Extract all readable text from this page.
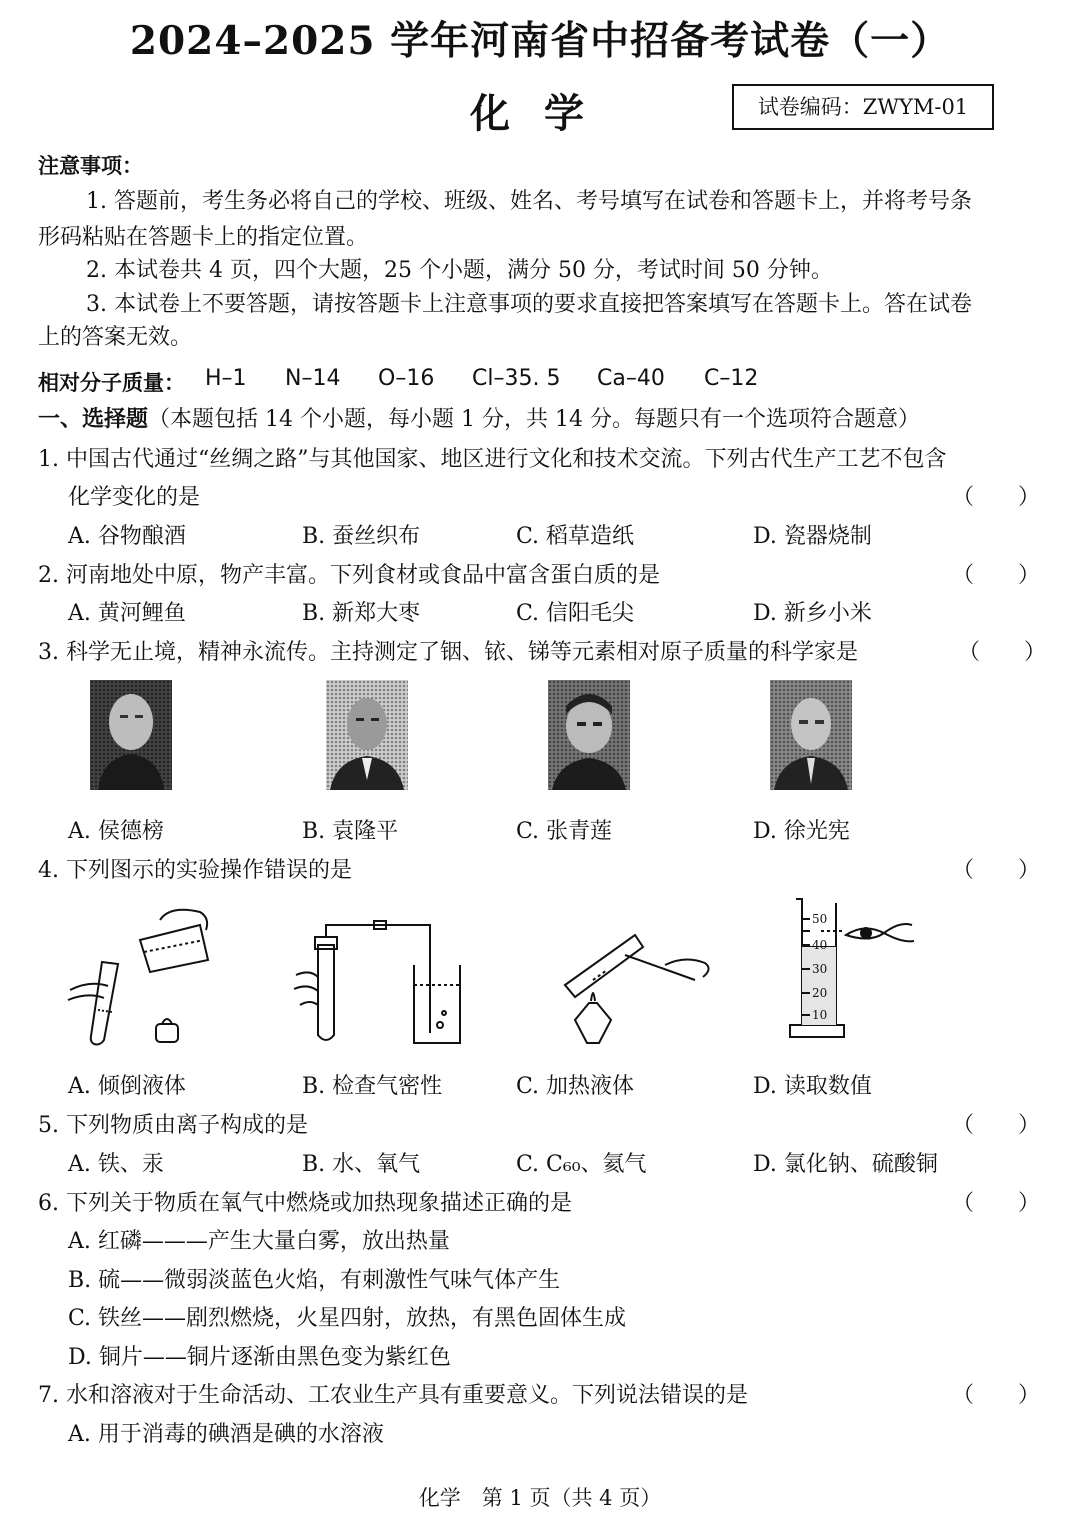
2024–2025 学年河南省中招备考试卷（一）
化学	试卷编码：ZWYM-01
注意事项：
1. 答题前，考生务必将自己的学校、班级、姓名、考号填写在试卷和答题卡上，并将考号条
形码粘贴在答题卡上的指定位置。
2. 本试卷共 4 页，四个大题，25 个小题，满分 50 分，考试时间 50 分钟。
3. 本试卷上不要答题，请按答题卡上注意事项的要求直接把答案填写在答题卡上。答在试卷
上的答案无效。
相对分子质量： H–1 N–14 O–16 Cl–35. 5 Ca–40 C–12
一、选择题（本题包括 14 个小题，每小题 1 分，共 14 分。每题只有一个选项符合题意）
1. 中国古代通过“丝绸之路”与其他国家、地区进行文化和技术交流。下列古代生产工艺不包含
化学变化的是	（　　）
A. 谷物酿酒	B. 蚕丝织布	C. 稻草造纸	D. 瓷器烧制
2. 河南地处中原，物产丰富。下列食材或食品中富含蛋白质的是	（　　）
A. 黄河鲤鱼	B. 新郑大枣	C. 信阳毛尖	D. 新乡小米
3. 科学无止境，精神永流传。主持测定了铟、铱、锑等元素相对原子质量的科学家是	（　　）
A. 侯德榜	B. 袁隆平	C. 张青莲	D. 徐光宪
4. 下列图示的实验操作错误的是	（　　）
50
40
30
20
10
A. 倾倒液体	B. 检查气密性	C. 加热液体	D. 读取数值
5. 下列物质由离子构成的是	（　　）
A. 铁、汞	B. 水、氧气	C. C₆₀、氦气	D. 氯化钠、硫酸铜
6. 下列关于物质在氧气中燃烧或加热现象描述正确的是	（　　）
A. 红磷———产生大量白雾，放出热量
B. 硫——微弱淡蓝色火焰，有刺激性气味气体产生
C. 铁丝——剧烈燃烧，火星四射，放热，有黑色固体生成
D. 铜片——铜片逐渐由黑色变为紫红色
7. 水和溶液对于生命活动、工农业生产具有重要意义。下列说法错误的是	（　　）
A. 用于消毒的碘酒是碘的水溶液
化学　第 1 页（共 4 页）
